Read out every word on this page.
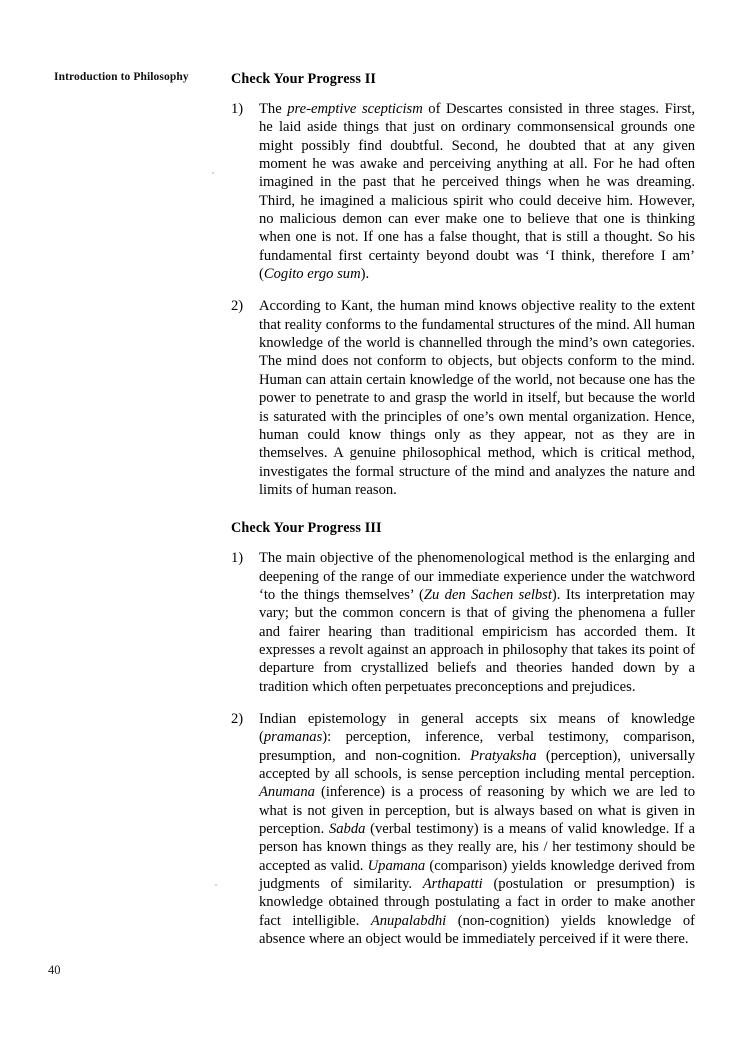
Introduction to Philosophy	Check Your Progress II
1) The pre-emptive scepticism of Descartes consisted in three stages. First, he laid aside things that just on ordinary commonsensical grounds one might possibly find doubtful. Second, he doubted that at any given moment he was awake and perceiving anything at all. For he had often imagined in the past that he perceived things when he was dreaming. Third, he imagined a malicious spirit who could deceive him. However, no malicious demon can ever make one to believe that one is thinking when one is not. If one has a false thought, that is still a thought. So his fundamental first certainty beyond doubt was ‘I think, therefore I am’ (Cogito ergo sum).
2) According to Kant, the human mind knows objective reality to the extent that reality conforms to the fundamental structures of the mind. All human knowledge of the world is channelled through the mind’s own categories. The mind does not conform to objects, but objects conform to the mind. Human can attain certain knowledge of the world, not because one has the power to penetrate to and grasp the world in itself, but because the world is saturated with the principles of one’s own mental organization. Hence, human could know things only as they appear, not as they are in themselves. A genuine philosophical method, which is critical method, investigates the formal structure of the mind and analyzes the nature and limits of human reason.
Check Your Progress III
1) The main objective of the phenomenological method is the enlarging and deepening of the range of our immediate experience under the watchword ‘to the things themselves’ (Zu den Sachen selbst). Its interpretation may vary; but the common concern is that of giving the phenomena a fuller and fairer hearing than traditional empiricism has accorded them. It expresses a revolt against an approach in philosophy that takes its point of departure from crystallized beliefs and theories handed down by a tradition which often perpetuates preconceptions and prejudices.
2) Indian epistemology in general accepts six means of knowledge (pramanas): perception, inference, verbal testimony, comparison, presumption, and non-cognition. Pratyaksha (perception), universally accepted by all schools, is sense perception including mental perception. Anumana (inference) is a process of reasoning by which we are led to what is not given in perception, but is always based on what is given in perception. Sabda (verbal testimony) is a means of valid knowledge. If a person has known things as they really are, his / her testimony should be accepted as valid. Upamana (comparison) yields knowledge derived from judgments of similarity. Arthapatti (postulation or presumption) is knowledge obtained through postulating a fact in order to make another fact intelligible. Anupalabdhi (non-cognition) yields knowledge of absence where an object would be immediately perceived if it were there.
40
